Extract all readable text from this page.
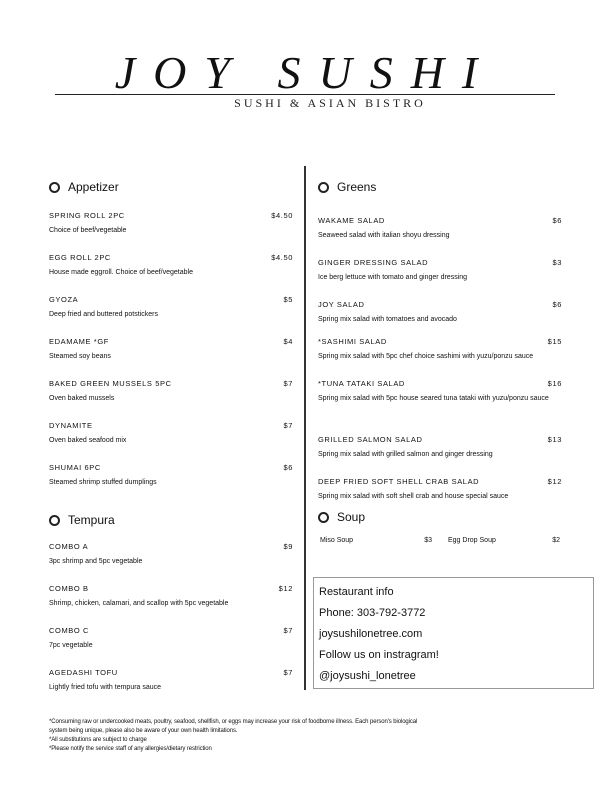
JOY SUSHI
SUSHI & ASIAN BISTRO
Appetizer
SPRING ROLL 2PC	$4.50
Choice of beef/vegetable
EGG ROLL 2PC	$4.50
House made eggroll. Choice of beef/vegetable
GYOZA	$5
Deep fried and buttered potstickers
EDAMAME *GF	$4
Steamed soy beans
BAKED GREEN MUSSELS 5PC	$7
Oven baked mussels
DYNAMITE	$7
Oven baked seafood mix
SHUMAI 6PC	$6
Steamed shrimp stuffed dumplings
Tempura
COMBO A	$9
3pc shrimp and 5pc vegetable
COMBO B	$12
Shrimp, chicken, calamari, and scallop with 5pc vegetable
COMBO C	$7
7pc vegetable
AGEDASHI TOFU	$7
Lightly fried tofu with tempura sauce
Greens
WAKAME SALAD	$6
Seaweed salad with italian shoyu dressing
GINGER DRESSING SALAD	$3
Ice berg lettuce with tomato and ginger dressing
JOY SALAD	$6
Spring mix salad with tomatoes and avocado
*SASHIMI SALAD	$15
Spring mix salad with 5pc chef choice sashimi with yuzu/ponzu sauce
*TUNA TATAKI SALAD	$16
Spring mix salad with 5pc house seared tuna tataki with yuzu/ponzu sauce
GRILLED SALMON SALAD	$13
Spring mix salad with grilled salmon and ginger dressing
DEEP FRIED SOFT SHELL CRAB SALAD	$12
Spring mix salad with soft shell crab and house special sauce
Soup
Miso Soup	$3 Egg Drop Soup	$2
Restaurant info
Phone: 303-792-3772
joysushilonetree.com
Follow us on instragram!
@joysushi_lonetree
*Consuming raw or undercooked meats, poultry, seafood, shellfish, or eggs may increase your risk of foodborne illness. Each person's biological
system being unique, please also be aware of your own health limitations.
*All substitutions are subject to charge
*Please notify the service staff of any allergies/dietary restriction
